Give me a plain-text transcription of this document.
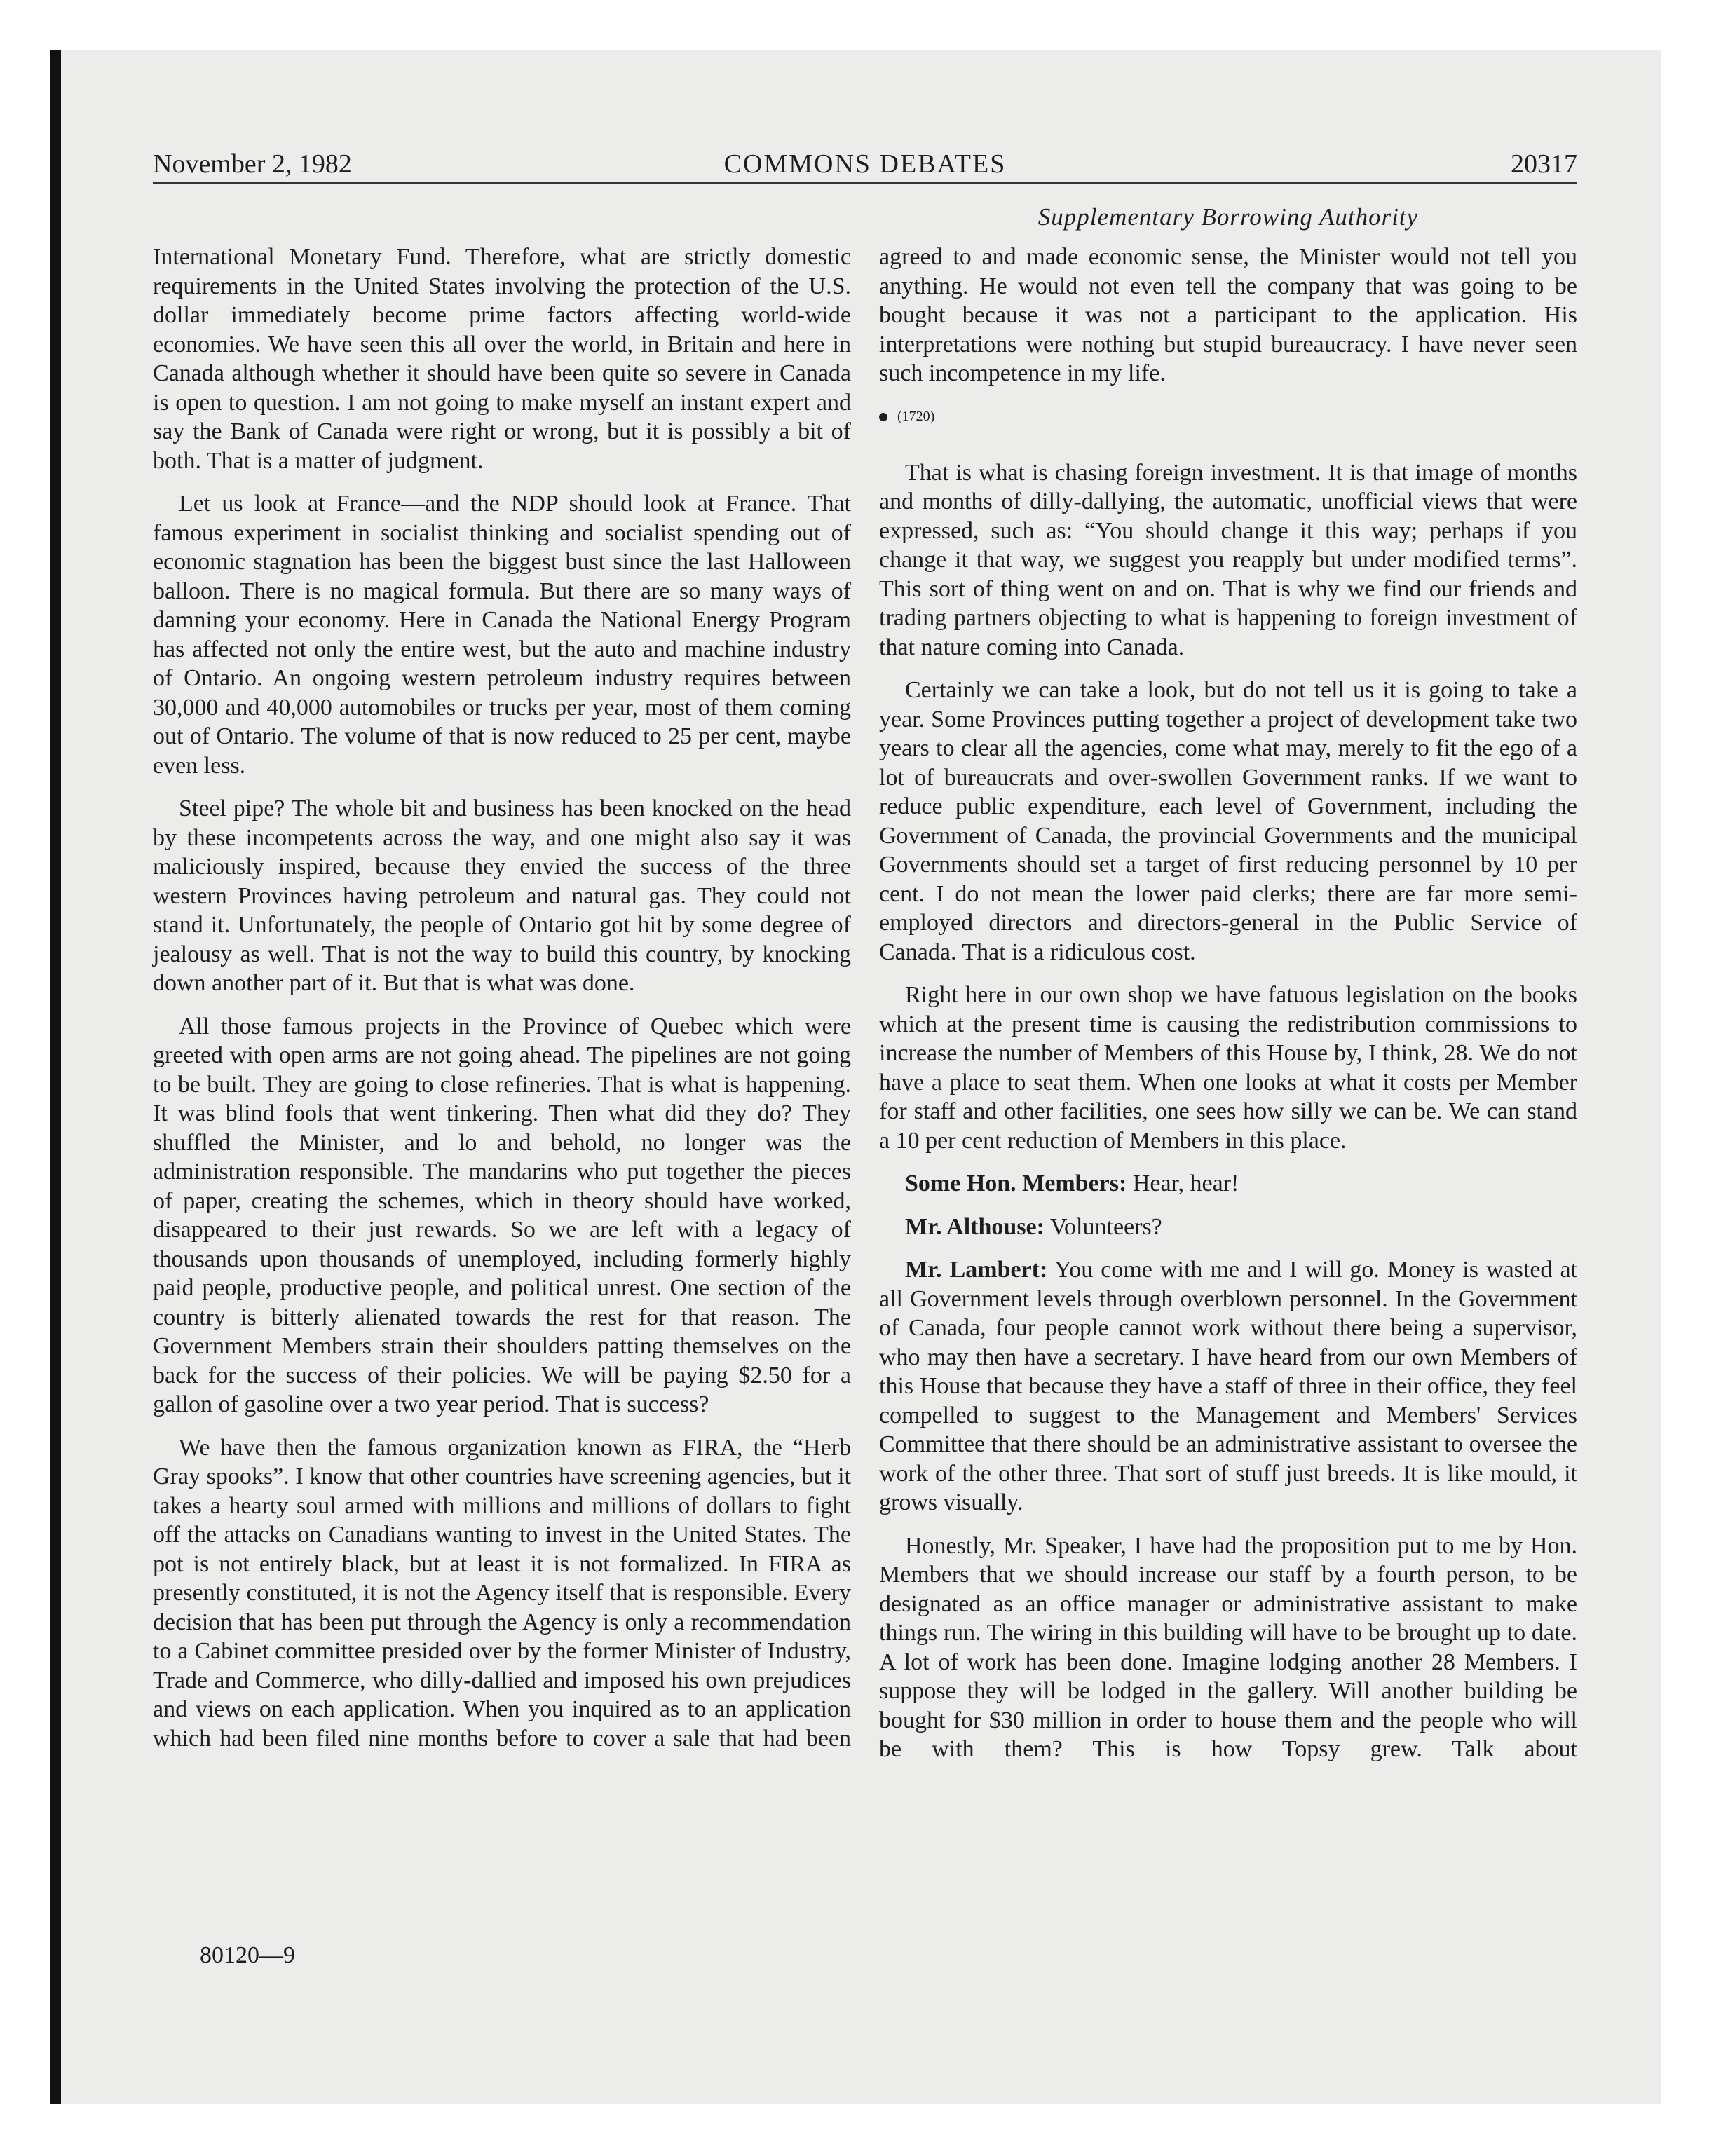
November 2, 1982	COMMONS DEBATES	20317
Supplementary Borrowing Authority

International Monetary Fund. Therefore, what are strictly domestic requirements in the United States involving the protection of the U.S. dollar immediately become prime factors affecting world-wide economies. We have seen this all over the world, in Britain and here in Canada although whether it should have been quite so severe in Canada is open to question. I am not going to make myself an instant expert and say the Bank of Canada were right or wrong, but it is possibly a bit of both. That is a matter of judgment.

Let us look at France—and the NDP should look at France. That famous experiment in socialist thinking and socialist spending out of economic stagnation has been the biggest bust since the last Halloween balloon. There is no magical formula. But there are so many ways of damning your economy. Here in Canada the National Energy Program has affected not only the entire west, but the auto and machine industry of Ontario. An ongoing western petroleum industry requires between 30,000 and 40,000 automobiles or trucks per year, most of them coming out of Ontario. The volume of that is now reduced to 25 per cent, maybe even less.

Steel pipe? The whole bit and business has been knocked on the head by these incompetents across the way, and one might also say it was maliciously inspired, because they envied the success of the three western Provinces having petroleum and natural gas. They could not stand it. Unfortunately, the people of Ontario got hit by some degree of jealousy as well. That is not the way to build this country, by knocking down another part of it. But that is what was done.

All those famous projects in the Province of Quebec which were greeted with open arms are not going ahead. The pipelines are not going to be built. They are going to close refineries. That is what is happening. It was blind fools that went tinkering. Then what did they do? They shuffled the Minister, and lo and behold, no longer was the administration responsible. The mandarins who put together the pieces of paper, creating the schemes, which in theory should have worked, disappeared to their just rewards. So we are left with a legacy of thousands upon thousands of unemployed, including formerly highly paid people, productive people, and political unrest. One section of the country is bitterly alienated towards the rest for that reason. The Government Members strain their shoulders patting themselves on the back for the success of their policies. We will be paying $2.50 for a gallon of gasoline over a two year period. That is success?

We have then the famous organization known as FIRA, the “Herb Gray spooks”. I know that other countries have screening agencies, but it takes a hearty soul armed with millions and millions of dollars to fight off the attacks on Canadians wanting to invest in the United States. The pot is not entirely black, but at least it is not formalized. In FIRA as presently constituted, it is not the Agency itself that is responsible. Every decision that has been put through the Agency is only a recommendation to a Cabinet committee presided over by the former Minister of Industry, Trade and Commerce, who dilly-dallied and imposed his own prejudices and views on each application. When you inquired as to an application which had been filed nine months before to cover a sale that had been

agreed to and made economic sense, the Minister would not tell you anything. He would not even tell the company that was going to be bought because it was not a participant to the application. His interpretations were nothing but stupid bureaucracy. I have never seen such incompetence in my life.

(1720)

That is what is chasing foreign investment. It is that image of months and months of dilly-dallying, the automatic, unofficial views that were expressed, such as: “You should change it this way; perhaps if you change it that way, we suggest you reapply but under modified terms”. This sort of thing went on and on. That is why we find our friends and trading partners objecting to what is happening to foreign investment of that nature coming into Canada.

Certainly we can take a look, but do not tell us it is going to take a year. Some Provinces putting together a project of development take two years to clear all the agencies, come what may, merely to fit the ego of a lot of bureaucrats and over-swollen Government ranks. If we want to reduce public expenditure, each level of Government, including the Government of Canada, the provincial Governments and the municipal Governments should set a target of first reducing personnel by 10 per cent. I do not mean the lower paid clerks; there are far more semi-employed directors and directors-general in the Public Service of Canada. That is a ridiculous cost.

Right here in our own shop we have fatuous legislation on the books which at the present time is causing the redistribution commissions to increase the number of Members of this House by, I think, 28. We do not have a place to seat them. When one looks at what it costs per Member for staff and other facilities, one sees how silly we can be. We can stand a 10 per cent reduction of Members in this place.

Some Hon. Members: Hear, hear!

Mr. Althouse: Volunteers?

Mr. Lambert: You come with me and I will go. Money is wasted at all Government levels through overblown personnel. In the Government of Canada, four people cannot work without there being a supervisor, who may then have a secretary. I have heard from our own Members of this House that because they have a staff of three in their office, they feel compelled to suggest to the Management and Members' Services Committee that there should be an administrative assistant to oversee the work of the other three. That sort of stuff just breeds. It is like mould, it grows visually.

Honestly, Mr. Speaker, I have had the proposition put to me by Hon. Members that we should increase our staff by a fourth person, to be designated as an office manager or administrative assistant to make things run. The wiring in this building will have to be brought up to date. A lot of work has been done. Imagine lodging another 28 Members. I suppose they will be lodged in the gallery. Will another building be bought for $30 million in order to house them and the people who will be with them? This is how Topsy grew. Talk about

80120—9
